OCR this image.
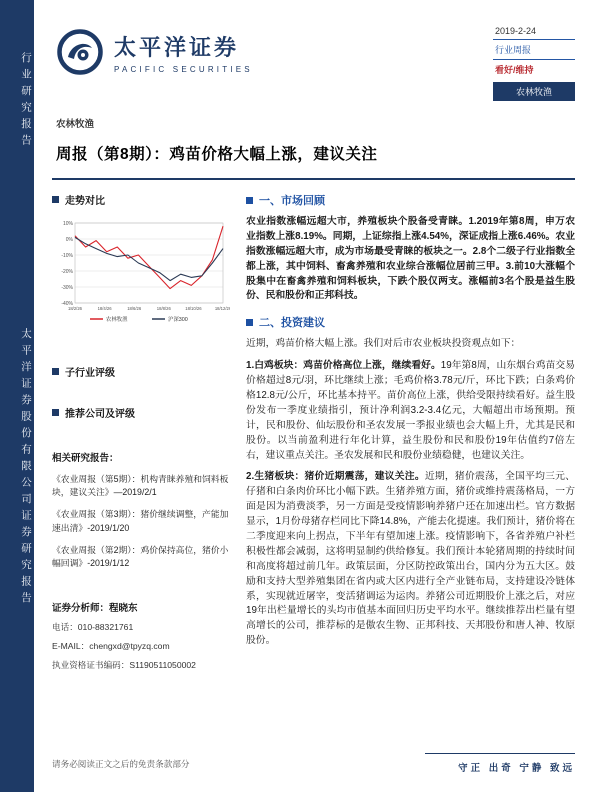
行业研究报告
太平洋证券股份有限公司证券研究报告
太平洋证券
PACIFIC SECURITIES
2019-2-24
行业周报
看好/维持
农林牧渔
农林牧渔
周报（第8期）：鸡苗价格大幅上涨，建议关注
走势对比
10%
0%
-10%
-20%
-30%
-40%
18/2/26	18/4/26	18/6/26	18/8/26	18/10/26	18/12/26
农林牧渔	沪深300
子行业评级
推荐公司及评级
相关研究报告：
《农业周报（第5期）：机构青睐养殖和饲料板块，建议关注》—2019/2/1
《农业周报（第3期）：猪价继续调整，产能加速出清》-2019/1/20
《农业周报（第2期）：鸡价保持高位，猪价小幅回调》-2019/1/12
证券分析师：程晓东
电话：010-88321761
E-MAIL：chengxd@tpyzq.com
执业资格证书编码：S1190511050002
一、市场回顾

农业指数涨幅远超大市，养殖板块个股备受青睐。1.2019年第8周，申万农业指数上涨8.19%。同期，上证综指上涨4.54%，深证成指上涨6.46%。农业指数涨幅远超大市，成为市场最受青睐的板块之一。2.8个二级子行业指数全都上涨，其中饲料、畜禽养殖和农业综合涨幅位居前三甲。3.前10大涨幅个股集中在畜禽养殖和饲料板块，下跌个股仅两支。涨幅前3名个股是益生股份、民和股份和正邦科技。

二、投资建议

近期，鸡苗价格大幅上涨。我们对后市农业板块投资观点如下：

1.白鸡板块：鸡苗价格高位上涨，继续看好。19年第8周，山东烟台鸡苗交易价格超过8元/羽，环比继续上涨；毛鸡价格3.78元/斤，环比下跌；白条鸡价格12.8元/公斤，环比基本持平。苗价高位上涨，供给受限持续看好。益生股份发布一季度业绩指引，预计净利润3.2-3.4亿元，大幅超出市场预期。预计，民和股份、仙坛股份和圣农发展一季报业绩也会大幅上升，尤其是民和股份。以当前盈利进行年化计算，益生股份和民和股份19年估值约7倍左右，建议重点关注。圣农发展和民和股份业绩稳健，也建议关注。

2.生猪板块：猪价近期震荡，建议关注。近期，猪价震荡，全国平均三元、仔猪和白条肉价环比小幅下跌。生猪养殖方面，猪价或维持震荡格局，一方面是因为消费淡季，另一方面是受疫情影响养猪户还在加速出栏。官方数据显示，1月份母猪存栏同比下降14.8%，产能去化提速。我们预计，猪价将在二季度迎来向上拐点，下半年有望加速上涨。疫情影响下，各省养殖户补栏积极性都会减弱，这将明显制约供给修复。我们预计本轮猪周期的持续时间和高度将超过前几年。政策层面，分区防控政策出台，国内分为五大区。鼓励和支持大型养殖集团在省内或大区内进行全产业链布局，支持建设冷链体系，实现就近屠宰，变活猪调运为运肉。养猪公司近期股价上涨之后，对应19年出栏量增长的头均市值基本面回归历史平均水平。继续推荐出栏量有望高增长的公司，推荐标的是傲农生物、正邦科技、天邦股份和唐人神、牧原股份。

请务必阅读正文之后的免责条款部分	守正 出奇 宁静 致远
